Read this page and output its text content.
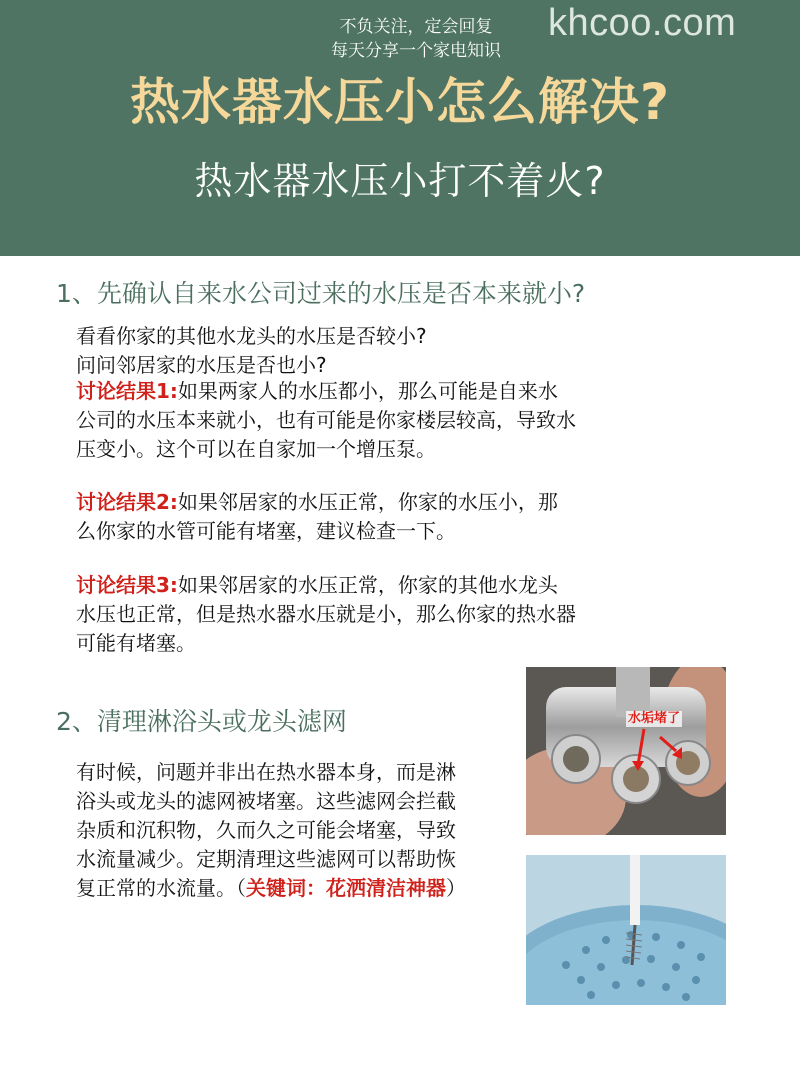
不负关注，定会回复
每天分享一个家电知识
khcoo.com
热水器水压小怎么解决?
热水器水压小打不着火?
1、先确认自来水公司过来的水压是否本来就小?

看看你家的其他水龙头的水压是否较小?
问问邻居家的水压是否也小?

讨论结果1:如果两家人的水压都小，那么可能是自来水
公司的水压本来就小，也有可能是你家楼层较高，导致水
压变小。这个可以在自家加一个增压泵。

讨论结果2:如果邻居家的水压正常，你家的水压小，那
么你家的水管可能有堵塞，建议检查一下。

讨论结果3:如果邻居家的水压正常，你家的其他水龙头
水压也正常，但是热水器水压就是小，那么你家的热水器
可能有堵塞。

2、清理淋浴头或龙头滤网

有时候，问题并非出在热水器本身，而是淋
浴头或龙头的滤网被堵塞。这些滤网会拦截
杂质和沉积物，久而久之可能会堵塞，导致
水流量减少。定期清理这些滤网可以帮助恢
复正常的水流量。（关键词：花洒清洁神器）

水垢堵了
